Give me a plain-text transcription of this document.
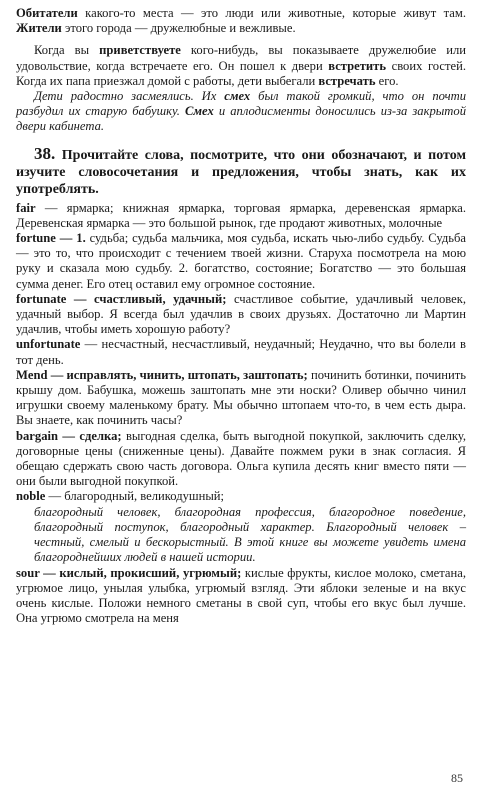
Обитатели какого-то места — это люди или животные, которые живут там. Жители этого города — дружелюбные и вежливые.

Когда вы приветствуете кого-нибудь, вы показываете дружелюбие или удовольствие, когда встречаете его. Он пошел к двери встретить своих гостей. Когда их папа приезжал домой с работы, дети выбегали встречать его.

Дети радостно засмеялись. Их смех был такой громкий, что он почти разбудил их старую бабушку. Смех и аплодисменты доносились из-за закрытой двери кабинета.

38. Прочитайте слова, посмотрите, что они обозначают, и потом изучите словосочетания и предложения, чтобы знать, как их употреблять.

fair — ярмарка; книжная ярмарка, торговая ярмарка, деревенская ярмарка. Деревенская ярмарка — это большой рынок, где продают животных, молочные

fortune — 1. судьба; судьба мальчика, моя судьба, искать чью-либо судьбу. Судьба — это то, что происходит с течением твоей жизни. Старуха посмотрела на мою руку и сказала мою судьбу. 2. богатство, состояние; Богатство — это большая сумма денег. Его отец оставил ему огромное состояние.

fortunate — счастливый, удачный; счастливое событие, удачливый человек, удачный выбор. Я всегда был удачлив в своих друзьях. Достаточно ли Мартин удачлив, чтобы иметь хорошую работу?

unfortunate — несчастный, несчастливый, неудачный; Неудачно, что вы болели в тот день.

Mend — исправлять, чинить, штопать, заштопать; починить ботинки, починить крышу дом. Бабушка, можешь заштопать мне эти носки? Оливер обычно чинил игрушки своему маленькому брату. Мы обычно штопаем что-то, в чем есть дыра. Вы знаете, как починить часы?

bargain — сделка; выгодная сделка, быть выгодной покупкой, заключить сделку, договорные цены (сниженные цены). Давайте пожмем руки в знак согласия. Я обещаю сдержать свою часть договора. Ольга купила десять книг вместо пяти — они были выгодной покупкой.

noble — благородный, великодушный;

благородный человек, благородная профессия, благородное поведение, благородный поступок, благородный характер. Благородный человек – честный, смелый и бескорыстный. В этой книге вы можете увидеть имена благороднейших людей в нашей истории.

sour — кислый, прокисший, угрюмый; кислые фрукты, кислое молоко, сметана, угрюмое лицо, унылая улыбка, угрюмый взгляд. Эти яблоки зеленые и на вкус очень кислые. Положи немного сметаны в свой суп, чтобы его вкус был лучше. Она угрюмо смотрела на меня

85
